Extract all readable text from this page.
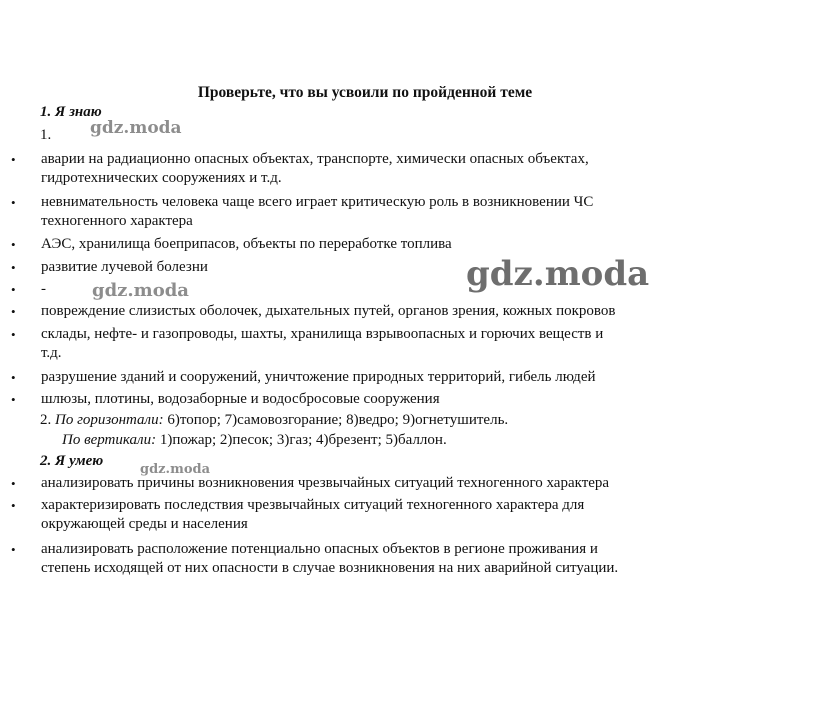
Проверьте, что вы усвоили по пройденной теме
1. Я знаю
1.
• аварии на радиационно опасных объектах, транспорте, химически опасных объектах,
гидротехнических сооружениях и т.д.
• невнимательность человека чаще всего играет критическую роль в возникновении ЧС
техногенного характера
• АЭС, хранилища боеприпасов, объекты по переработке топлива
• развитие лучевой болезни
• -
• повреждение слизистых оболочек, дыхательных путей, органов зрения, кожных покровов
• склады, нефте- и газопроводы, шахты, хранилища взрывоопасных и горючих веществ и
т.д.
• разрушение зданий и сооружений, уничтожение природных территорий, гибель людей
• шлюзы, плотины, водозаборные и водосбросовые сооружения
2. По горизонтали: 6)топор; 7)самовозгорание; 8)ведро; 9)огнетушитель.
По вертикали: 1)пожар; 2)песок; 3)газ; 4)брезент; 5)баллон.
2. Я умею
• анализировать причины возникновения чрезвычайных ситуаций техногенного характера
• характеризировать последствия чрезвычайных ситуаций техногенного характера для
окружающей среды и населения
• анализировать расположение потенциально опасных объектов в регионе проживания и
степень исходящей от них опасности в случае возникновения на них аварийной ситуации.
gdz.moda
gdz.moda
gdz.moda
gdz.moda
